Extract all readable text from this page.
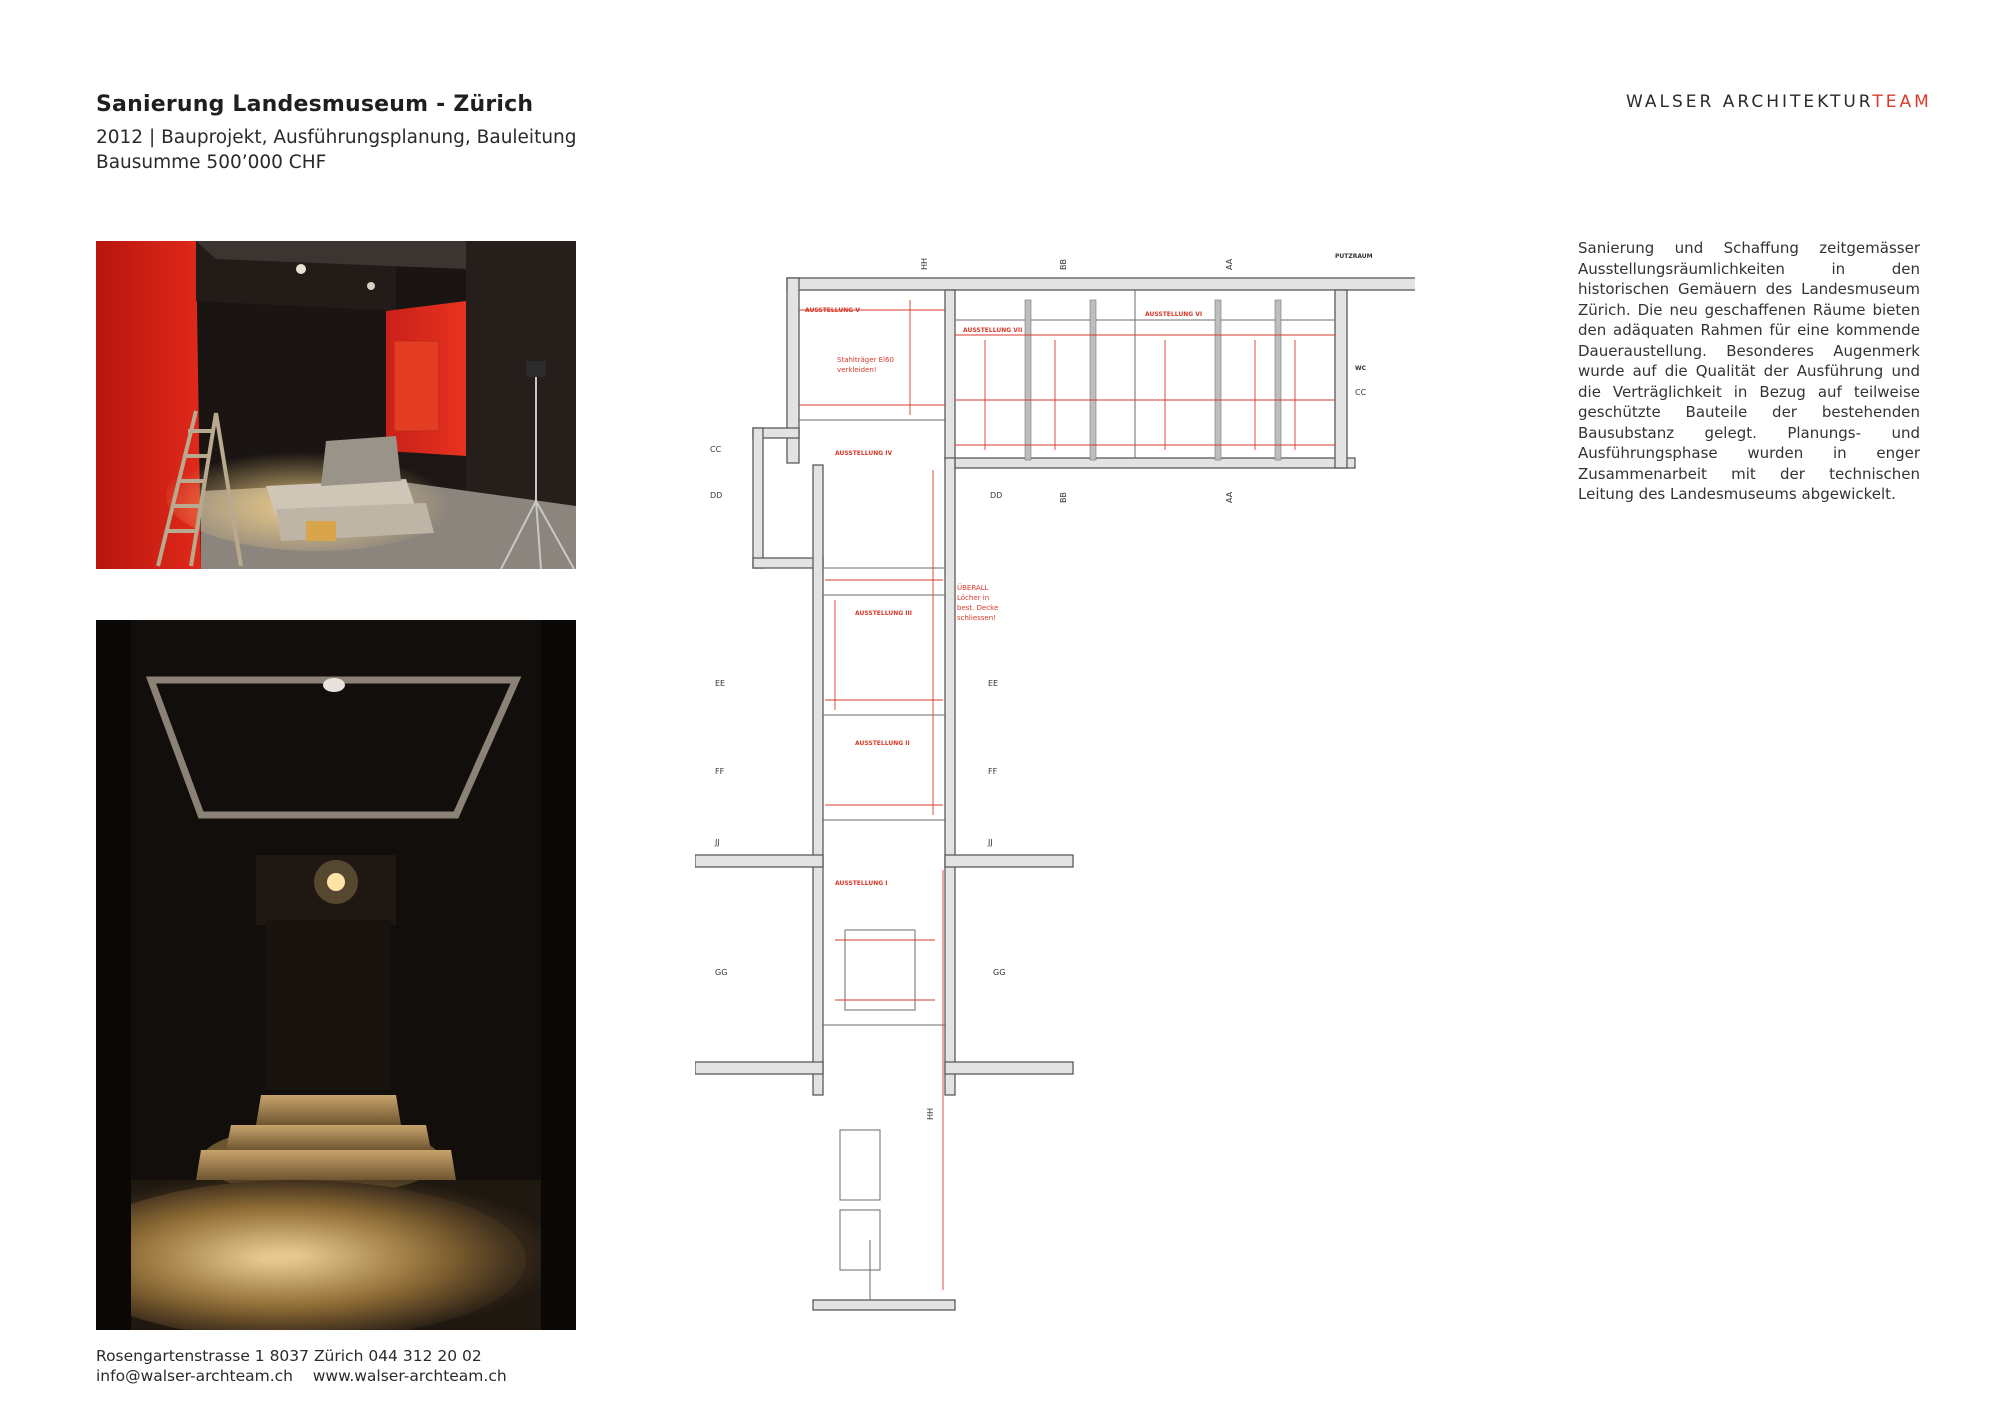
Sanierung Landesmuseum - Zürich
2012 | Bauprojekt, Ausführungsplanung, Bauleitung
Bausumme 500’000 CHF
WALSER ARCHITEKTURTEAM
Sanierung und Schaffung zeitgemässer Ausstellungsräumlichkeiten in den historischen Gemäuern des Landesmuseum Zürich. Die neu geschaffenen Räume bieten den adäquaten Rahmen für eine kommende Daueraustellung. Besonderes Augenmerk wurde auf die Qualität der Ausführung und die Verträglichkeit in Bezug auf teilweise geschützte Bauteile der bestehenden Bausubstanz gelegt. Planungs- und Ausführungsphase wurden in enger Zusammenarbeit mit der technischen Leitung des Landesmuseums abgewickelt.
AUSSTELLUNG V
AUSSTELLUNG VII
AUSSTELLUNG VI
AUSSTELLUNG IV
AUSSTELLUNG III
AUSSTELLUNG II
AUSSTELLUNG I
PUTZRAUM
WC
Stahlträger El60
verkleiden!
ÜBERALL
Löcher in
best. Decke
schliessen!
HH	BB	AA
BB	AA
CC
CC
DD	DD
EE	EE
FF	FF
JJ	JJ
GG	GG
HH
Rosengartenstrasse 1 8037 Zürich 044 312 20 02
info@walser-archteam.ch www.walser-archteam.ch
